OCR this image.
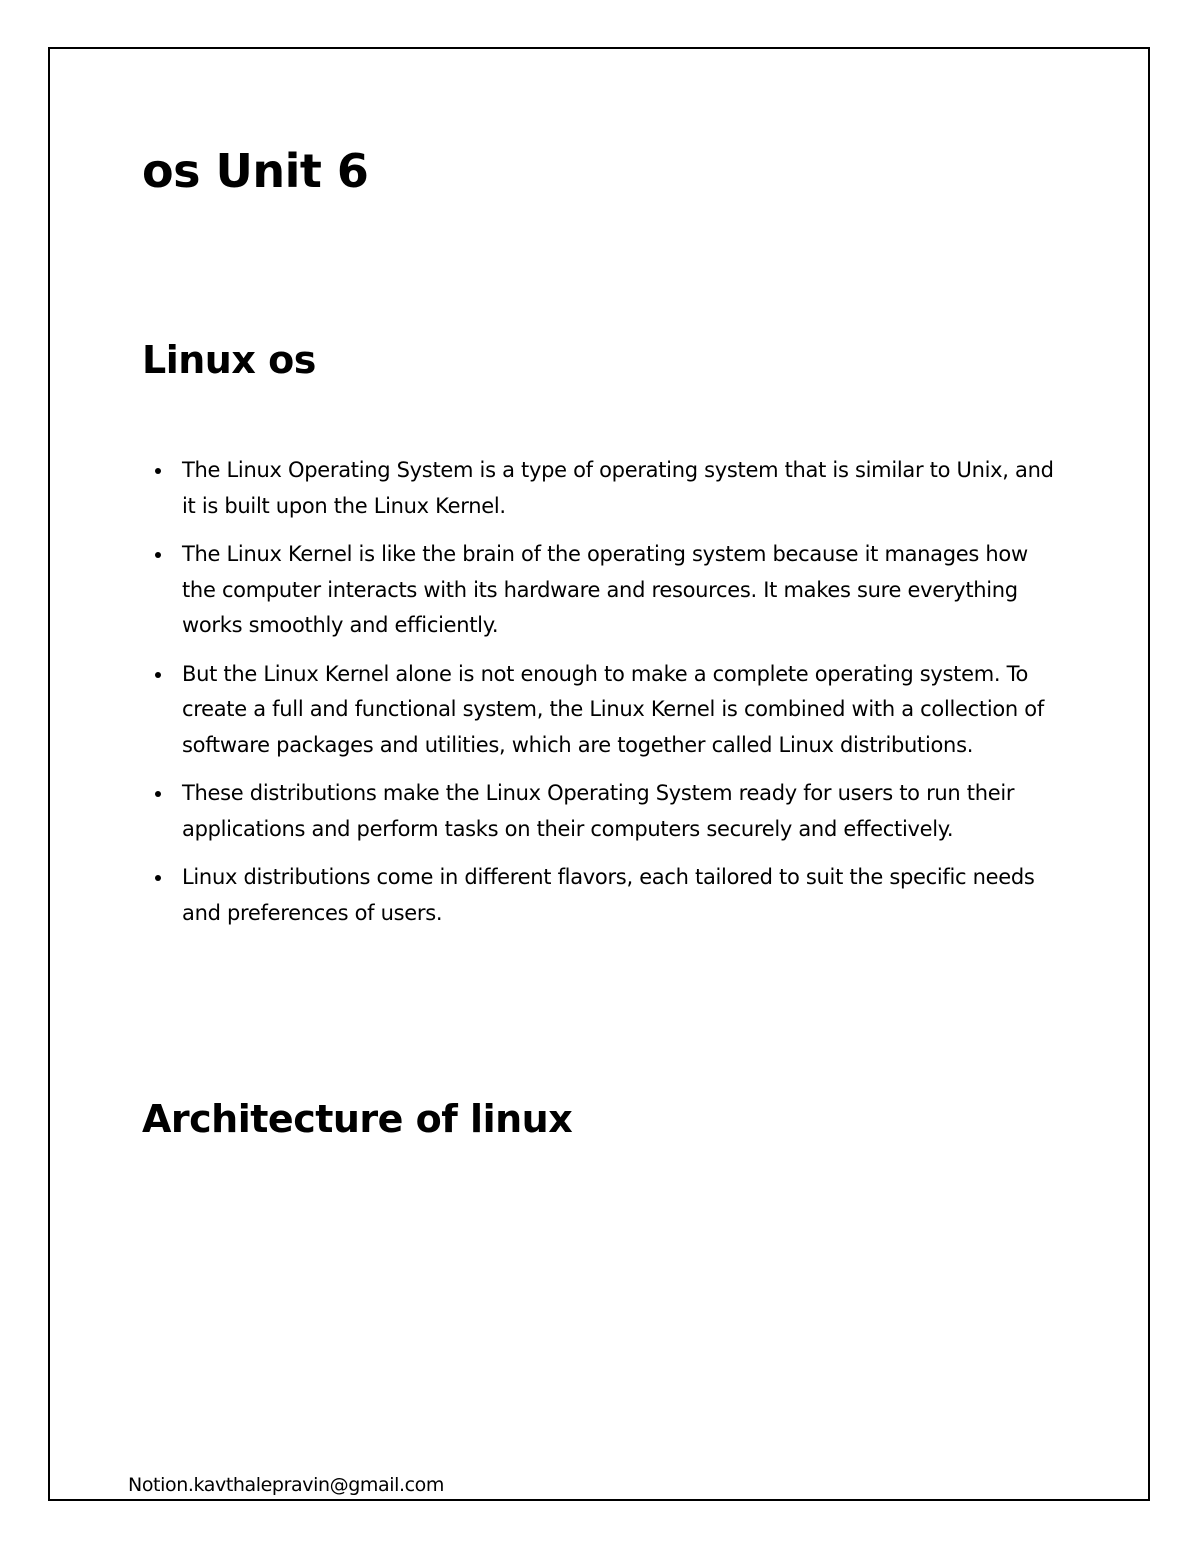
os Unit 6
Linux os
The Linux Operating System is a type of operating system that is similar to Unix, and it is built upon the Linux Kernel.
The Linux Kernel is like the brain of the operating system because it manages how the computer interacts with its hardware and resources. It makes sure everything works smoothly and efficiently.
But the Linux Kernel alone is not enough to make a complete operating system. To create a full and functional system, the Linux Kernel is combined with a collection of software packages and utilities, which are together called Linux distributions.
These distributions make the Linux Operating System ready for users to run their applications and perform tasks on their computers securely and effectively.
Linux distributions come in different flavors, each tailored to suit the specific needs and preferences of users.
Architecture of linux
Notion.kavthalepravin@gmail.com
